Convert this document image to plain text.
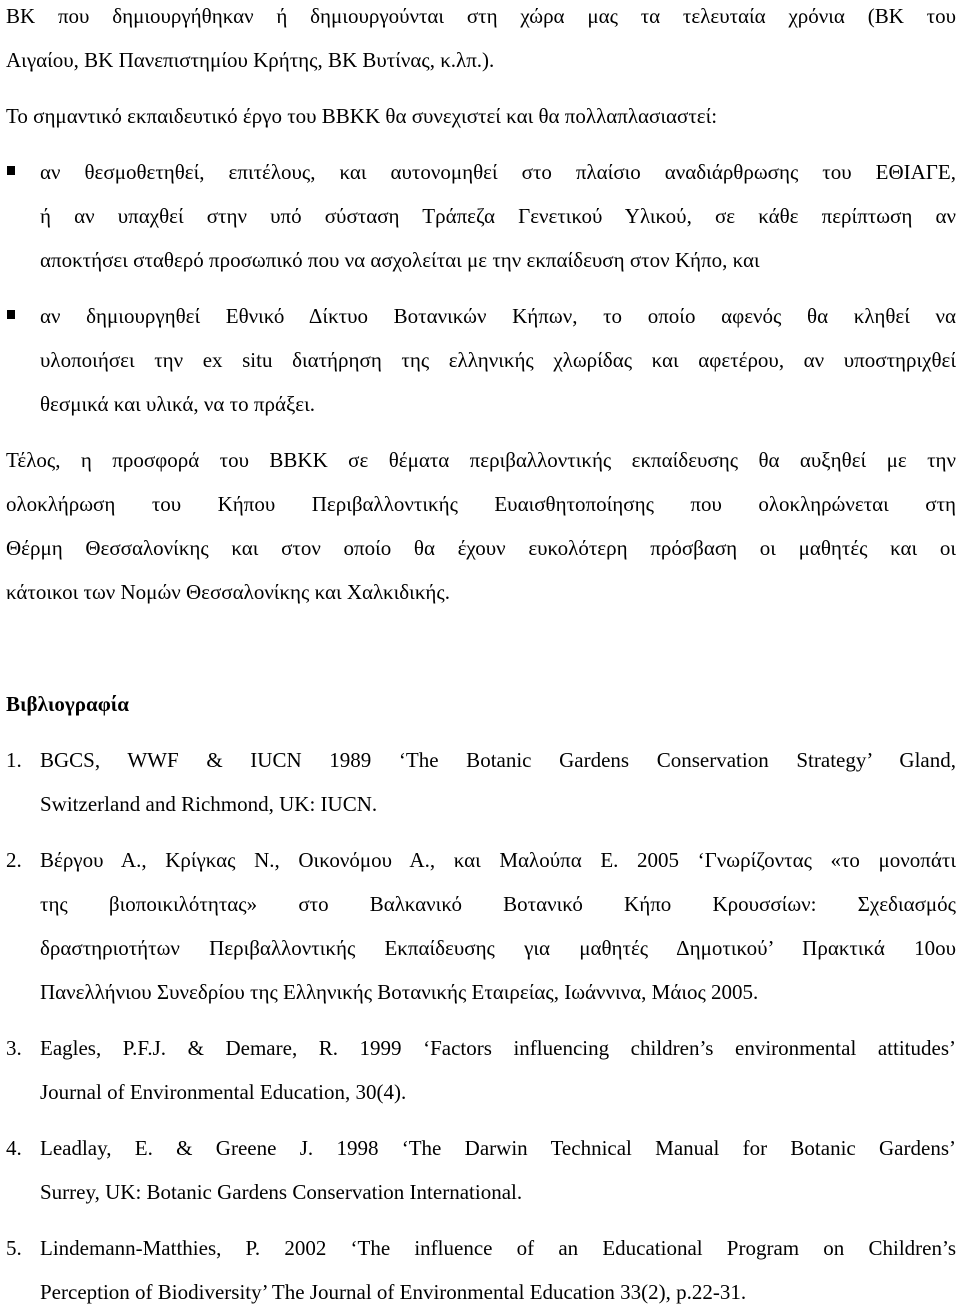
ΒΚ που δημιουργήθηκαν ή δημιουργούνται στη χώρα μας τα τελευταία χρόνια (ΒΚ του
Αιγαίου, ΒΚ Πανεπιστημίου Κρήτης, ΒΚ Βυτίνας, κ.λπ.).
Το σημαντικό εκπαιδευτικό έργο του ΒΒΚΚ θα συνεχιστεί και θα πολλαπλασιαστεί:
αν θεσμοθετηθεί, επιτέλους, και αυτονομηθεί στο πλαίσιο αναδιάρθρωσης του ΕΘΙΑΓΕ,
ή αν υπαχθεί στην υπό σύσταση Τράπεζα Γενετικού Υλικού, σε κάθε περίπτωση αν
αποκτήσει σταθερό προσωπικό που να ασχολείται με την εκπαίδευση στον Κήπο, και
αν δημιουργηθεί Εθνικό Δίκτυο Βοτανικών Κήπων, το οποίο αφενός θα κληθεί να
υλοποιήσει την ex situ διατήρηση της ελληνικής χλωρίδας και αφετέρου, αν υποστηριχθεί
θεσμικά και υλικά, να το πράξει.
Τέλος, η προσφορά του ΒΒΚΚ σε θέματα περιβαλλοντικής εκπαίδευσης θα αυξηθεί με την
ολοκλήρωση του Κήπου Περιβαλλοντικής Ευαισθητοποίησης που ολοκληρώνεται στη
Θέρμη Θεσσαλονίκης και στον οποίο θα έχουν ευκολότερη πρόσβαση οι μαθητές και οι
κάτοικοι των Νομών Θεσσαλονίκης και Χαλκιδικής.
Βιβλιογραφία
1. BGCS, WWF & IUCN 1989 ‘The Botanic Gardens Conservation Strategy’ Gland,
Switzerland and Richmond, UK: IUCN.
2. Βέργου Α., Κρίγκας Ν., Οικονόμου Α., και Μαλούπα Ε. 2005 ‘Γνωρίζοντας «το μονοπάτι
της βιοποικιλότητας» στο Βαλκανικό Βοτανικό Κήπο Κρουσσίων: Σχεδιασμός
δραστηριοτήτων Περιβαλλοντικής Εκπαίδευσης για μαθητές Δημοτικού’ Πρακτικά 10ου
Πανελλήνιου Συνεδρίου της Ελληνικής Βοτανικής Εταιρείας, Ιωάννινα, Μάιος 2005.
3. Eagles, P.F.J. & Demare, R. 1999 ‘Factors influencing children’s environmental attitudes’
Journal of Environmental Education, 30(4).
4. Leadlay, E. & Greene J. 1998 ‘The Darwin Technical Manual for Botanic Gardens’
Surrey, UK: Botanic Gardens Conservation International.
5. Lindemann-Matthies, P. 2002 ‘The influence of an Educational Program on Children’s
Perception of Biodiversity’ The Journal of Environmental Education 33(2), p.22-31.
